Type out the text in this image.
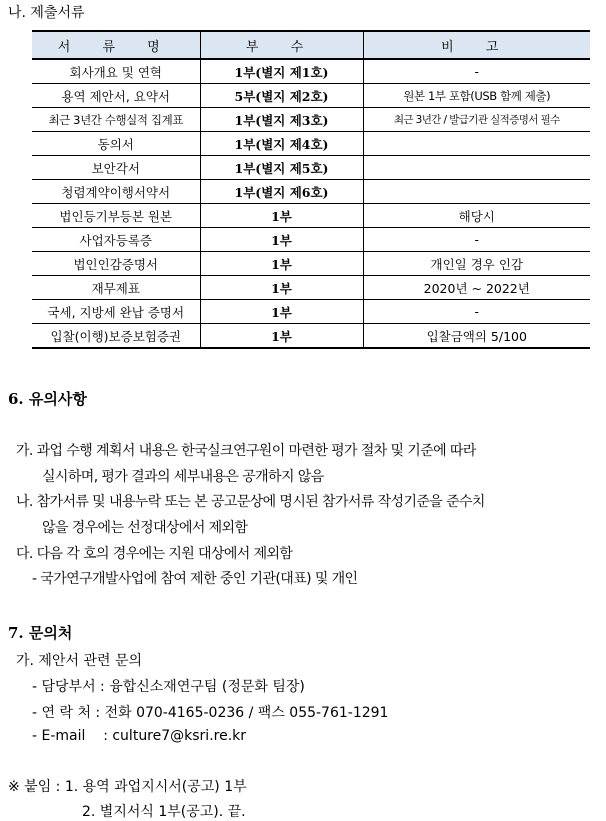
나. 제출서류
서 류 명	부 수	비 고
회사개요 및 연혁	1부(별지 제1호)	-
용역 제안서, 요약서	5부(별지 제2호)	원본 1부 포함(USB 함께 제출)
최근 3년간 수행실적 집계표	1부(별지 제3호)	최근 3년간 / 발급기관 실적증명서 필수
동의서	1부(별지 제4호)	
보안각서	1부(별지 제5호)	
청렴계약이행서약서	1부(별지 제6호)	
법인등기부등본 원본	1부	해당시
사업자등록증	1부	-
법인인감증명서	1부	개인일 경우 인감
재무제표	1부	2020년 ~ 2022년
국세, 지방세 완납 증명서	1부	-
입찰(이행)보증보험증권	1부	입찰금액의 5/100
6. 유의사항
가. 과업 수행 계획서 내용은 한국실크연구원이 마련한 평가 절차 및 기준에 따라
실시하며, 평가 결과의 세부내용은 공개하지 않음
나. 참가서류 및 내용누락 또는 본 공고문상에 명시된 참가서류 작성기준을 준수치
않을 경우에는 선정대상에서 제외함
다. 다음 각 호의 경우에는 지원 대상에서 제외함
- 국가연구개발사업에 참여 제한 중인 기관(대표) 및 개인
7. 문의처
가. 제안서 관련 문의
- 담당부서 : 융합신소재연구팀 (정문화 팀장)
- 연 락 처 : 전화 070-4165-0236 / 팩스 055-761-1291
- E-mail    : culture7@ksri.re.kr
※ 붙임 : 1. 용역 과업지시서(공고) 1부
2. 별지서식 1부(공고). 끝.
